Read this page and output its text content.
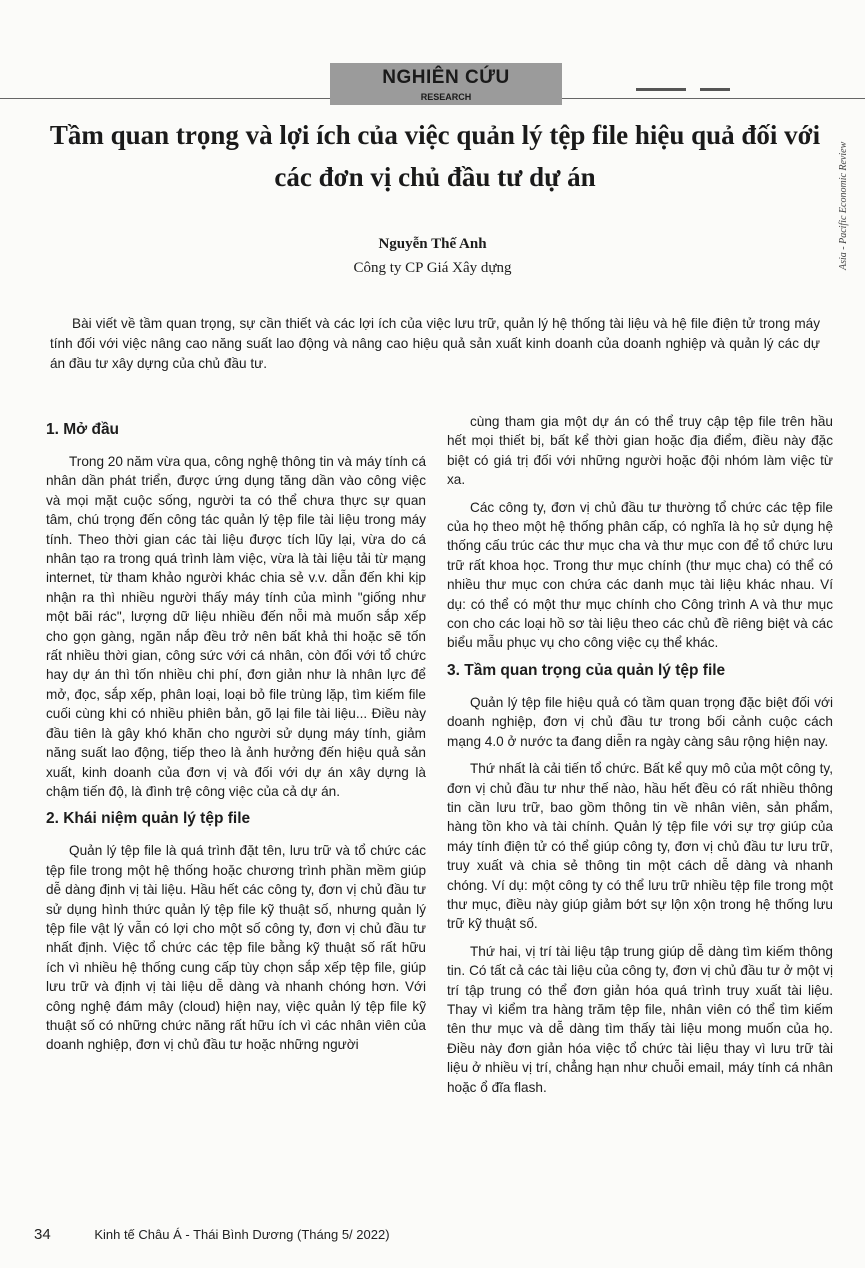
NGHIÊN CỨU
RESEARCH
Asia - Pacific Economic Review
Tầm quan trọng và lợi ích của việc quản lý tệp file hiệu quả đối với các đơn vị chủ đầu tư dự án
Nguyễn Thế Anh
Công ty CP Giá Xây dựng

Bài viết về tầm quan trọng, sự cần thiết và các lợi ích của việc lưu trữ, quản lý hệ thống tài liệu và hệ file điện tử trong máy tính đối với việc nâng cao năng suất lao động và nâng cao hiệu quả sản xuất kinh doanh của doanh nghiệp và quản lý các dự án đầu tư xây dựng của chủ đầu tư.

1. Mở đầu

Trong 20 năm vừa qua, công nghệ thông tin và máy tính cá nhân dần phát triển, được ứng dụng tăng dần vào công việc và mọi mặt cuộc sống, người ta có thể chưa thực sự quan tâm, chú trọng đến công tác quản lý tệp file tài liệu trong máy tính. Theo thời gian các tài liệu được tích lũy lại, vừa do cá nhân tạo ra trong quá trình làm việc, vừa là tài liệu tải từ mạng internet, từ tham khảo người khác chia sẻ v.v. dẫn đến khi kịp nhận ra thì nhiều người thấy máy tính của mình "giống như một bãi rác", lượng dữ liệu nhiều đến nỗi mà muốn sắp xếp cho gọn gàng, ngăn nắp đều trở nên bất khả thi hoặc sẽ tốn rất nhiều thời gian, công sức với cá nhân, còn đối với tổ chức hay dự án thì tốn nhiều chi phí, đơn giản như là nhân lực để mở, đọc, sắp xếp, phân loại, loại bỏ file trùng lặp, tìm kiếm file cuối cùng khi có nhiều phiên bản, gõ lại file tài liệu... Điều này đầu tiên là gây khó khăn cho người sử dụng máy tính, giảm năng suất lao động, tiếp theo là ảnh hưởng đến hiệu quả sản xuất, kinh doanh của đơn vị và đối với dự án xây dựng là chậm tiến độ, là đình trệ công việc của cả dự án.

2. Khái niệm quản lý tệp file

Quản lý tệp file là quá trình đặt tên, lưu trữ và tổ chức các tệp file trong một hệ thống hoặc chương trình phần mềm giúp dễ dàng định vị tài liệu. Hầu hết các công ty, đơn vị chủ đầu tư sử dụng hình thức quản lý tệp file kỹ thuật số, nhưng quản lý tệp file vật lý vẫn có lợi cho một số công ty, đơn vị chủ đầu tư nhất định. Việc tổ chức các tệp file bằng kỹ thuật số rất hữu ích vì nhiều hệ thống cung cấp tùy chọn sắp xếp tệp file, giúp lưu trữ và định vị tài liệu dễ dàng và nhanh chóng hơn. Với công nghệ đám mây (cloud) hiện nay, việc quản lý tệp file kỹ thuật số có những chức năng rất hữu ích vì các nhân viên của doanh nghiệp, đơn vị chủ đầu tư hoặc những người

cùng tham gia một dự án có thể truy cập tệp file trên hầu hết mọi thiết bị, bất kể thời gian hoặc địa điểm, điều này đặc biệt có giá trị đối với những người hoặc đội nhóm làm việc từ xa.

Các công ty, đơn vị chủ đầu tư thường tổ chức các tệp file của họ theo một hệ thống phân cấp, có nghĩa là họ sử dụng hệ thống cấu trúc các thư mục cha và thư mục con để tổ chức lưu trữ rất khoa học. Trong thư mục chính (thư mục cha) có thể có nhiều thư mục con chứa các danh mục tài liệu khác nhau. Ví dụ: có thể có một thư mục chính cho Công trình A và thư mục con cho các loại hồ sơ tài liệu theo các chủ đề riêng biệt và các biểu mẫu phục vụ cho công việc cụ thể khác.

3. Tầm quan trọng của quản lý tệp file

Quản lý tệp file hiệu quả có tầm quan trọng đặc biệt đối với doanh nghiệp, đơn vị chủ đầu tư trong bối cảnh cuộc cách mạng 4.0 ở nước ta đang diễn ra ngày càng sâu rộng hiện nay.

Thứ nhất là cải tiến tổ chức. Bất kể quy mô của một công ty, đơn vị chủ đầu tư như thế nào, hầu hết đều có rất nhiều thông tin cần lưu trữ, bao gồm thông tin về nhân viên, sản phẩm, hàng tồn kho và tài chính. Quản lý tệp file với sự trợ giúp của máy tính điện tử có thể giúp công ty, đơn vị chủ đầu tư lưu trữ, truy xuất và chia sẻ thông tin một cách dễ dàng và nhanh chóng. Ví dụ: một công ty có thể lưu trữ nhiều tệp file trong một thư mục, điều này giúp giảm bớt sự lộn xộn trong hệ thống lưu trữ kỹ thuật số.

Thứ hai, vị trí tài liệu tập trung giúp dễ dàng tìm kiếm thông tin. Có tất cả các tài liệu của công ty, đơn vị chủ đầu tư ở một vị trí tập trung có thể đơn giản hóa quá trình truy xuất tài liệu. Thay vì kiểm tra hàng trăm tệp file, nhân viên có thể tìm kiếm tên thư mục và dễ dàng tìm thấy tài liệu mong muốn của họ. Điều này đơn giản hóa việc tổ chức tài liệu thay vì lưu trữ tài liệu ở nhiều vị trí, chẳng hạn như chuỗi email, máy tính cá nhân hoặc ổ đĩa flash.

34	Kinh tế Châu Á - Thái Bình Dương (Tháng 5/ 2022)
